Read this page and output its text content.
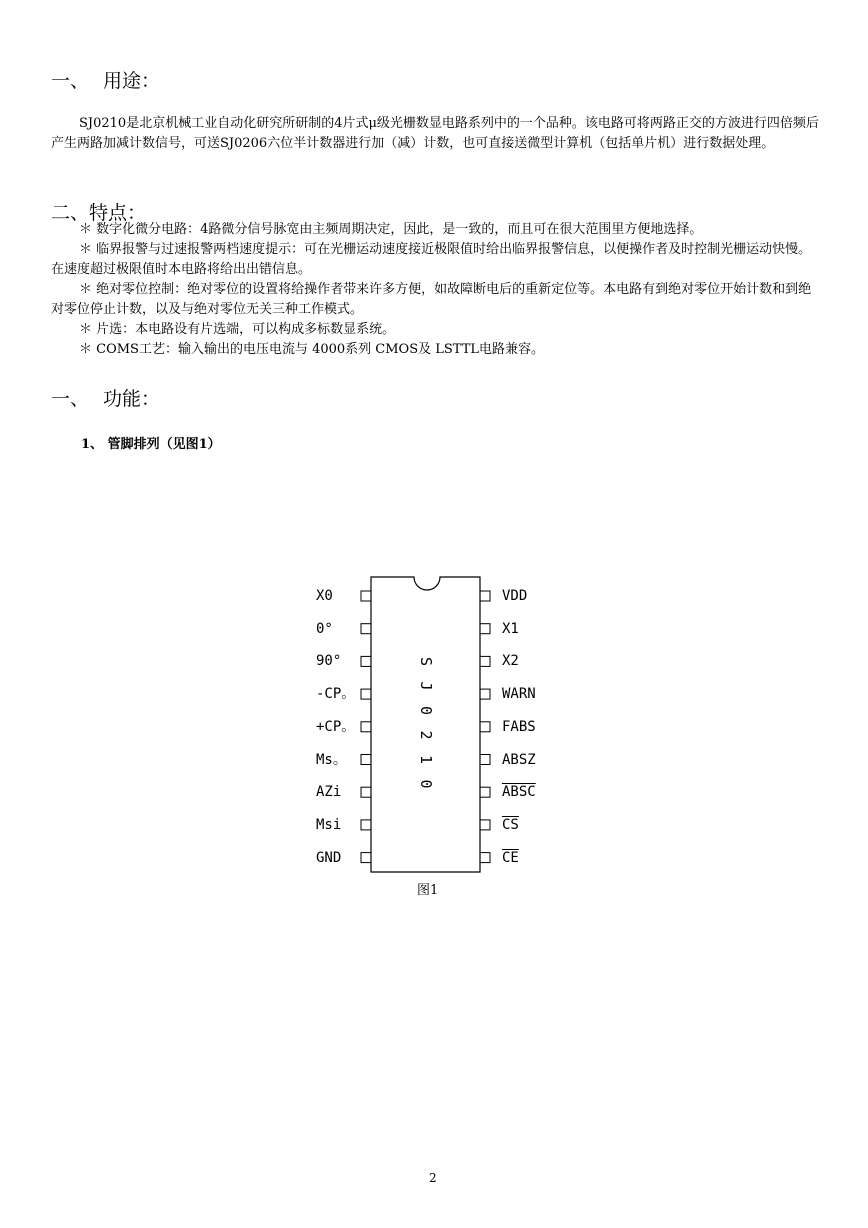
一、 用途：
SJ0210是北京机械工业自动化研究所研制的4片式μ级光栅数显电路系列中的一个品种。该电路可将两路正交的方波进行四倍频后产生两路加减计数信号，可送SJ0206六位半计数器进行加（减）计数，也可直接送微型计算机（包括单片机）进行数据处理。
二、特点：
＊ 数字化微分电路：4路微分信号脉宽由主频周期决定，因此，是一致的，而且可在很大范围里方便地选择。
＊ 临界报警与过速报警两档速度提示：可在光栅运动速度接近极限值时给出临界报警信息，以便操作者及时控制光栅运动快慢。在速度超过极限值时本电路将给出出错信息。
＊ 绝对零位控制：绝对零位的设置将给操作者带来许多方便，如故障断电后的重新定位等。本电路有到绝对零位开始计数和到绝对零位停止计数，以及与绝对零位无关三种工作模式。
＊ 片选：本电路设有片选端，可以构成多标数显系统。
＊ COMS工艺：输入输出的电压电流与 4000系列 CMOS及 LSTTL电路兼容。
一、 功能：
1、 管脚排列（见图1）
S
J
0
2
1
0
X0
0°
90°
-CP。
+CP。
Ms。
AZi
Msi
GND
VDD
X1
X2
WARN
FABS
ABSZ
ABSC
$\overline{CS}$
$\overline{CE}$
图1
2
